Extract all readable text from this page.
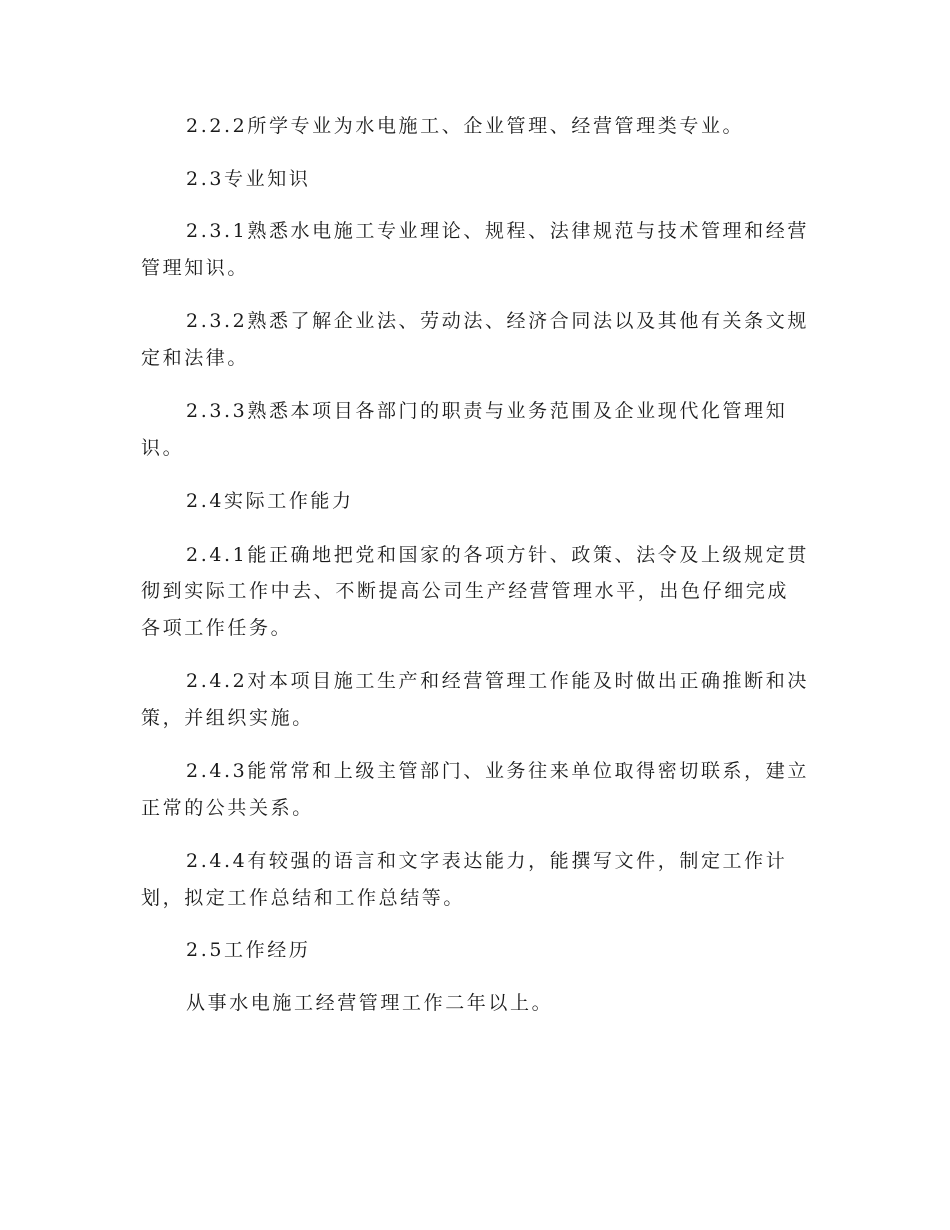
2.2.2所学专业为水电施工、企业管理、经营管理类专业。
2.3专业知识
2.3.1熟悉水电施工专业理论、规程、法律规范与技术管理和经营
管理知识。
2.3.2熟悉了解企业法、劳动法、经济合同法以及其他有关条文规
定和法律。
2.3.3熟悉本项目各部门的职责与业务范围及企业现代化管理知
识。
2.4实际工作能力
2.4.1能正确地把党和国家的各项方针、政策、法令及上级规定贯
彻到实际工作中去、不断提高公司生产经营管理水平，出色仔细完成
各项工作任务。
2.4.2对本项目施工生产和经营管理工作能及时做出正确推断和决
策，并组织实施。
2.4.3能常常和上级主管部门、业务往来单位取得密切联系，建立
正常的公共关系。
2.4.4有较强的语言和文字表达能力，能撰写文件，制定工作计
划，拟定工作总结和工作总结等。
2.5工作经历
从事水电施工经营管理工作二年以上。
